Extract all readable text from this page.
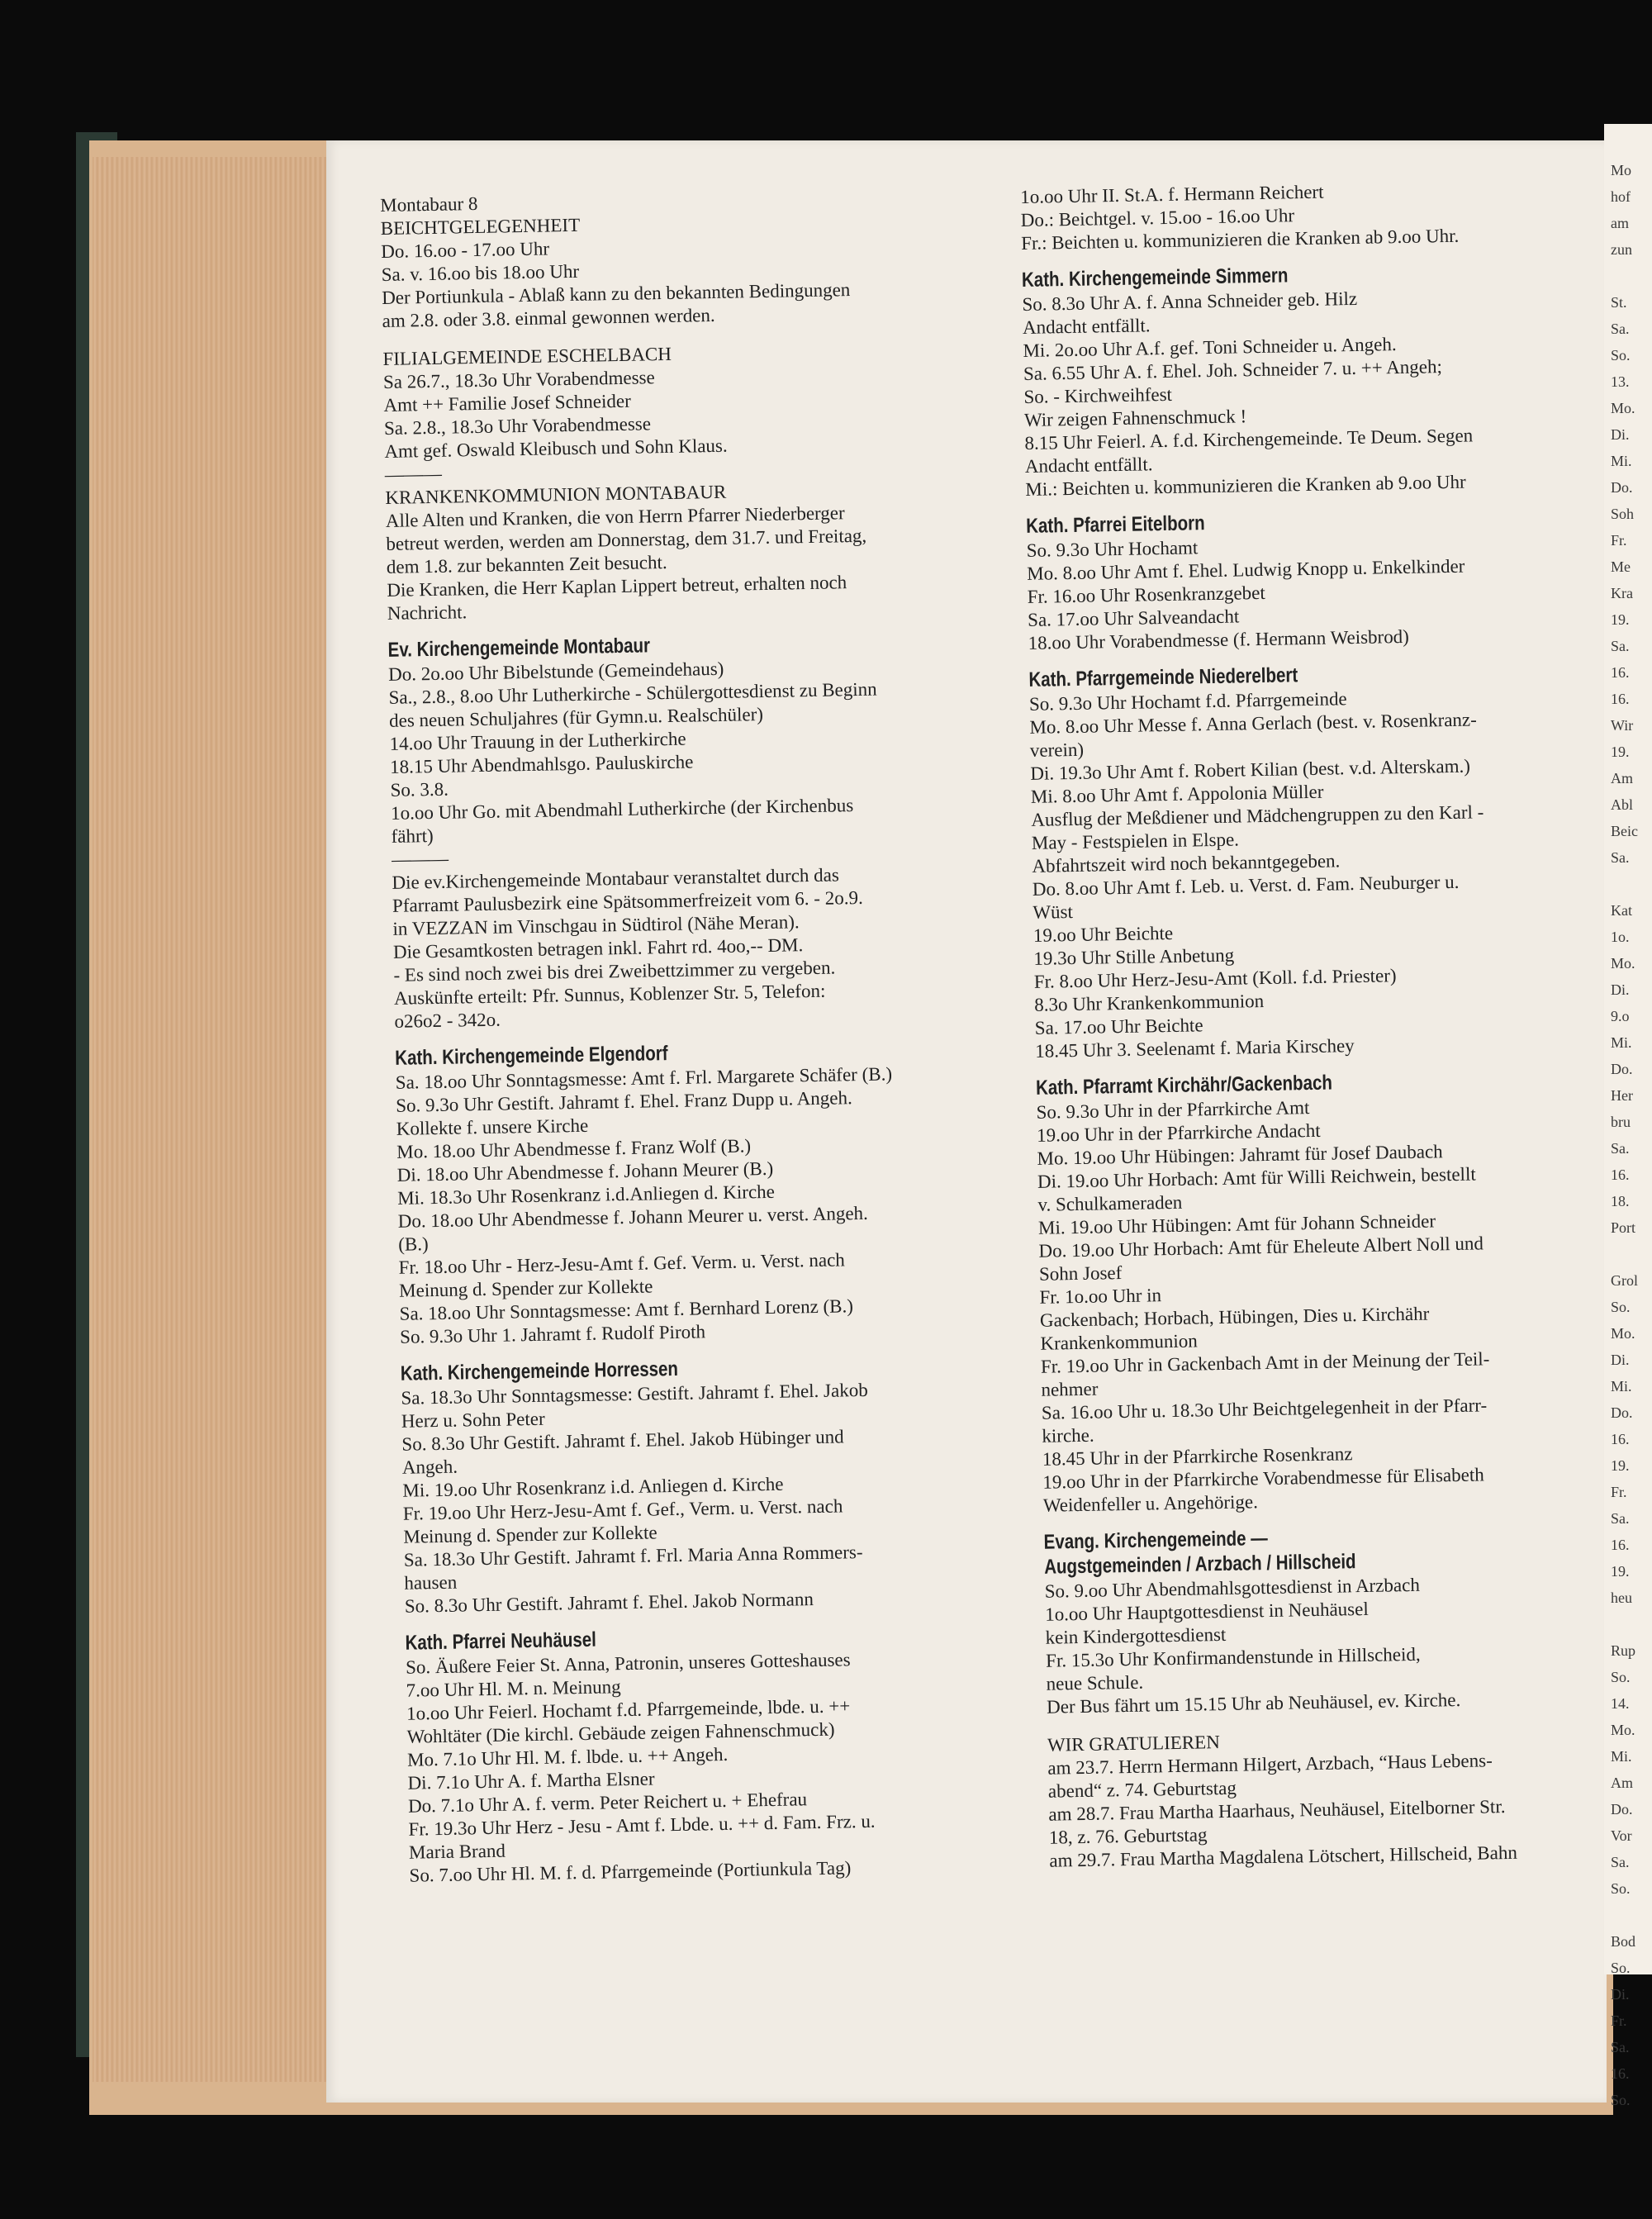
Mo
hof
am
zun

St.
Sa.
So.
13.
Mo.
Di.
Mi.
Do.
Soh
Fr.
Me
Kra
19.
Sa.
16.
16.
Wir
19.
Am
Abl
Beic
Sa.

Kat
1o.
Mo.
Di.
9.o
Mi.
Do.
Her
bru
Sa.
16.
18.
Port

Grol
So.
Mo.
Di.
Mi.
Do.
16.
19.
Fr.
Sa.
16.
19.
heu

Rup
So.
14.
Mo.
Mi.
Am
Do.
Vor
Sa.
So.

Bod
So.
Di.
Fr.
Sa.
16.
So.
Montabaur 8
BEICHTGELEGENHEIT
Do. 16.oo - 17.oo Uhr
Sa. v. 16.oo bis 18.oo Uhr
Der Portiunkula - Ablaß kann zu den bekannten Bedingungen
am 2.8. oder 3.8. einmal gewonnen werden.
FILIALGEMEINDE ESCHELBACH
Sa 26.7., 18.3o Uhr Vorabendmesse
Amt ++ Familie Josef Schneider
Sa. 2.8., 18.3o Uhr Vorabendmesse
Amt gef. Oswald Kleibusch und Sohn Klaus.
———
KRANKENKOMMUNION MONTABAUR
Alle Alten und Kranken, die von Herrn Pfarrer Niederberger
betreut werden, werden am Donnerstag, dem 31.7. und Freitag,
dem 1.8. zur bekannten Zeit besucht.
Die Kranken, die Herr Kaplan Lippert betreut, erhalten noch
Nachricht.
Ev. Kirchengemeinde Montabaur
Do. 2o.oo Uhr Bibelstunde (Gemeindehaus)
Sa., 2.8., 8.oo Uhr Lutherkirche - Schülergottesdienst zu Beginn
des neuen Schuljahres (für Gymn.u. Realschüler)
14.oo Uhr Trauung in der Lutherkirche
18.15 Uhr Abendmahlsgo. Pauluskirche
So. 3.8.
1o.oo Uhr Go. mit Abendmahl Lutherkirche (der Kirchenbus
fährt)
———
Die ev.Kirchengemeinde Montabaur veranstaltet durch das
Pfarramt Paulusbezirk eine Spätsommerfreizeit vom 6. - 2o.9.
in VEZZAN im Vinschgau in Südtirol (Nähe Meran).
Die Gesamtkosten betragen inkl. Fahrt rd. 4oo,-- DM.
- Es sind noch zwei bis drei Zweibettzimmer zu vergeben.
Auskünfte erteilt: Pfr. Sunnus, Koblenzer Str. 5, Telefon:
o26o2 - 342o.
Kath. Kirchengemeinde Elgendorf
Sa. 18.oo Uhr Sonntagsmesse: Amt f. Frl. Margarete Schäfer (B.)
So. 9.3o Uhr Gestift. Jahramt f. Ehel. Franz Dupp u. Angeh.
Kollekte f. unsere Kirche
Mo. 18.oo Uhr Abendmesse f. Franz Wolf (B.)
Di. 18.oo Uhr Abendmesse f. Johann Meurer (B.)
Mi. 18.3o Uhr Rosenkranz i.d.Anliegen d. Kirche
Do. 18.oo Uhr Abendmesse f. Johann Meurer u. verst. Angeh.
(B.)
Fr. 18.oo Uhr - Herz-Jesu-Amt f. Gef. Verm. u. Verst. nach
Meinung d. Spender zur Kollekte
Sa. 18.oo Uhr Sonntagsmesse: Amt f. Bernhard Lorenz (B.)
So. 9.3o Uhr 1. Jahramt f. Rudolf Piroth
Kath. Kirchengemeinde Horressen
Sa. 18.3o Uhr Sonntagsmesse: Gestift. Jahramt f. Ehel. Jakob
Herz u. Sohn Peter
So. 8.3o Uhr Gestift. Jahramt f. Ehel. Jakob Hübinger und
Angeh.
Mi. 19.oo Uhr Rosenkranz i.d. Anliegen d. Kirche
Fr. 19.oo Uhr Herz-Jesu-Amt f. Gef., Verm. u. Verst. nach
Meinung d. Spender zur Kollekte
Sa. 18.3o Uhr Gestift. Jahramt f. Frl. Maria Anna Rommers-
hausen
So. 8.3o Uhr Gestift. Jahramt f. Ehel. Jakob Normann
Kath. Pfarrei Neuhäusel
So. Äußere Feier St. Anna, Patronin, unseres Gotteshauses
7.oo Uhr Hl. M. n. Meinung
1o.oo Uhr Feierl. Hochamt f.d. Pfarrgemeinde, lbde. u. ++
Wohltäter (Die kirchl. Gebäude zeigen Fahnenschmuck)
Mo. 7.1o Uhr Hl. M. f. lbde. u. ++ Angeh.
Di. 7.1o Uhr A. f. Martha Elsner
Do. 7.1o Uhr A. f. verm. Peter Reichert u. + Ehefrau
Fr. 19.3o Uhr Herz - Jesu - Amt f. Lbde. u. ++ d. Fam. Frz. u.
Maria Brand
So. 7.oo Uhr Hl. M. f. d. Pfarrgemeinde (Portiunkula Tag)
1o.oo Uhr II. St.A. f. Hermann Reichert
Do.: Beichtgel. v. 15.oo - 16.oo Uhr
Fr.: Beichten u. kommunizieren die Kranken ab 9.oo Uhr.
Kath. Kirchengemeinde Simmern
So. 8.3o Uhr A. f. Anna Schneider geb. Hilz
Andacht entfällt.
Mi. 2o.oo Uhr A.f. gef. Toni Schneider u. Angeh.
Sa. 6.55 Uhr A. f. Ehel. Joh. Schneider 7. u. ++ Angeh;
So. - Kirchweihfest
Wir zeigen Fahnenschmuck !
8.15 Uhr Feierl. A. f.d. Kirchengemeinde. Te Deum. Segen
Andacht entfällt.
Mi.: Beichten u. kommunizieren die Kranken ab 9.oo Uhr
Kath. Pfarrei Eitelborn
So. 9.3o Uhr Hochamt
Mo. 8.oo Uhr Amt f. Ehel. Ludwig Knopp u. Enkelkinder
Fr. 16.oo Uhr Rosenkranzgebet
Sa. 17.oo Uhr Salveandacht
18.oo Uhr Vorabendmesse (f. Hermann Weisbrod)
Kath. Pfarrgemeinde Niederelbert
So. 9.3o Uhr Hochamt f.d. Pfarrgemeinde
Mo. 8.oo Uhr Messe f. Anna Gerlach (best. v. Rosenkranz-
verein)
Di. 19.3o Uhr Amt f. Robert Kilian (best. v.d. Alterskam.)
Mi. 8.oo Uhr Amt f. Appolonia Müller
Ausflug der Meßdiener und Mädchengruppen zu den Karl -
May - Festspielen in Elspe.
Abfahrtszeit wird noch bekanntgegeben.
Do. 8.oo Uhr Amt f. Leb. u. Verst. d. Fam. Neuburger u.
Wüst
19.oo Uhr Beichte
19.3o Uhr Stille Anbetung
Fr. 8.oo Uhr Herz-Jesu-Amt (Koll. f.d. Priester)
8.3o Uhr Krankenkommunion
Sa. 17.oo Uhr Beichte
18.45 Uhr 3. Seelenamt f. Maria Kirschey
Kath. Pfarramt Kirchähr/Gackenbach
So. 9.3o Uhr in der Pfarrkirche Amt
19.oo Uhr in der Pfarrkirche Andacht
Mo. 19.oo Uhr Hübingen: Jahramt für Josef Daubach
Di. 19.oo Uhr Horbach: Amt für Willi Reichwein, bestellt
v. Schulkameraden
Mi. 19.oo Uhr Hübingen: Amt für Johann Schneider
Do. 19.oo Uhr Horbach: Amt für Eheleute Albert Noll und
Sohn Josef
Fr. 1o.oo Uhr in
Gackenbach; Horbach, Hübingen, Dies u. Kirchähr
Krankenkommunion
Fr. 19.oo Uhr in Gackenbach Amt in der Meinung der Teil-
nehmer
Sa. 16.oo Uhr u. 18.3o Uhr Beichtgelegenheit in der Pfarr-
kirche.
18.45 Uhr in der Pfarrkirche Rosenkranz
19.oo Uhr in der Pfarrkirche Vorabendmesse für Elisabeth
Weidenfeller u. Angehörige.
Evang. Kirchengemeinde —
Augstgemeinden / Arzbach / Hillscheid
So. 9.oo Uhr Abendmahlsgottesdienst in Arzbach
1o.oo Uhr Hauptgottesdienst in Neuhäusel
kein Kindergottesdienst
Fr. 15.3o Uhr Konfirmandenstunde in Hillscheid,
neue Schule.
Der Bus fährt um 15.15 Uhr ab Neuhäusel, ev. Kirche.
WIR GRATULIEREN
am 23.7. Herrn Hermann Hilgert, Arzbach, “Haus Lebens-
abend“ z. 74. Geburtstag
am 28.7. Frau Martha Haarhaus, Neuhäusel, Eitelborner Str.
18, z. 76. Geburtstag
am 29.7. Frau Martha Magdalena Lötschert, Hillscheid, Bahn
